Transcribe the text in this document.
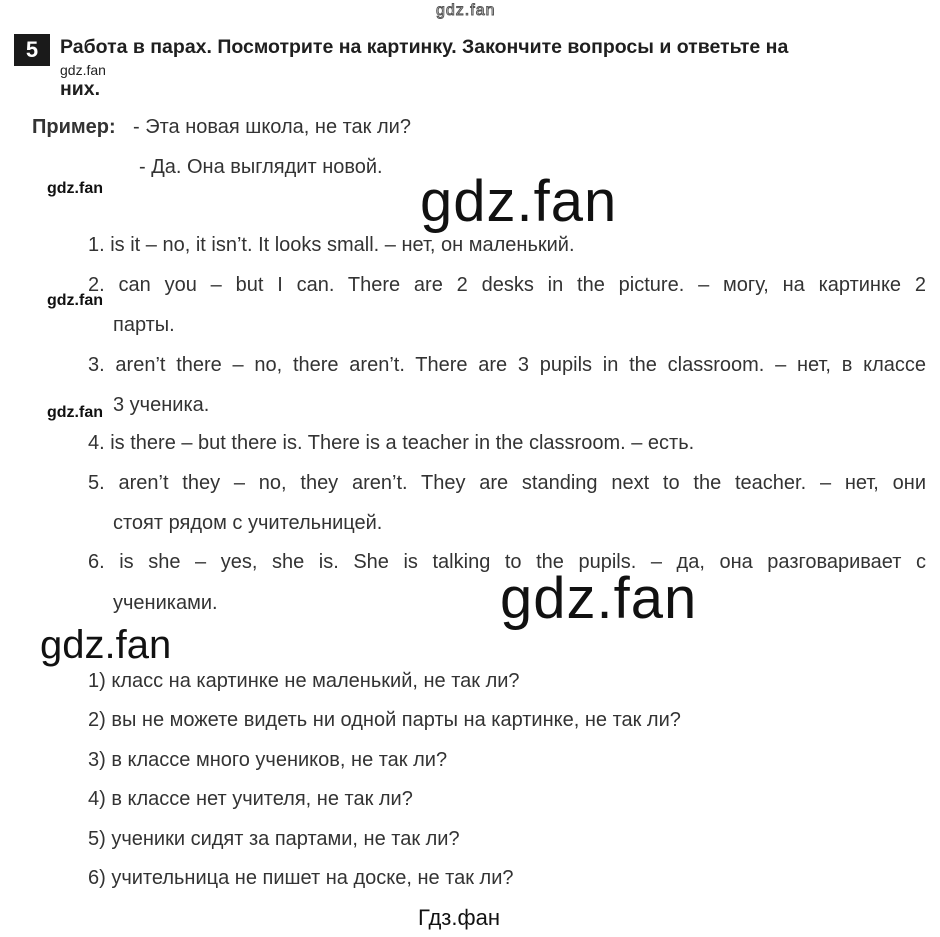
gdz.fan
5	Работа в парах. Посмотрите на картинку. Закончите вопросы и ответьте на
них.
gdz.fan
Пример: - Эта новая школа, не так ли?
- Да. Она выглядит новой.
gdz.fan
gdz.fan
gdz.fan
gdz.fan
1. is it – no, it isn’t. It looks small. – нет, он маленький.
2. can you – but I can. There are 2 desks in the picture. – могу, на картинке 2
парты.
3. aren’t there – no, there aren’t. There are 3 pupils in the classroom. – нет, в классе
3 ученика.
4. is there – but there is. There is a teacher in the classroom. – есть.
5. aren’t they – no, they aren’t. They are standing next to the teacher. – нет, они
стоят рядом с учительницей.
6. is she – yes, she is. She is talking to the pupils. – да, она разговаривает с
учениками.	gdz.fan
gdz.fan
1) класс на картинке не маленький, не так ли?
2) вы не можете видеть ни одной парты на картинке, не так ли?
3) в классе много учеников, не так ли?
4) в классе нет учителя, не так ли?
5) ученики сидят за партами, не так ли?
6) учительница не пишет на доске, не так ли?
Гдз.фан
